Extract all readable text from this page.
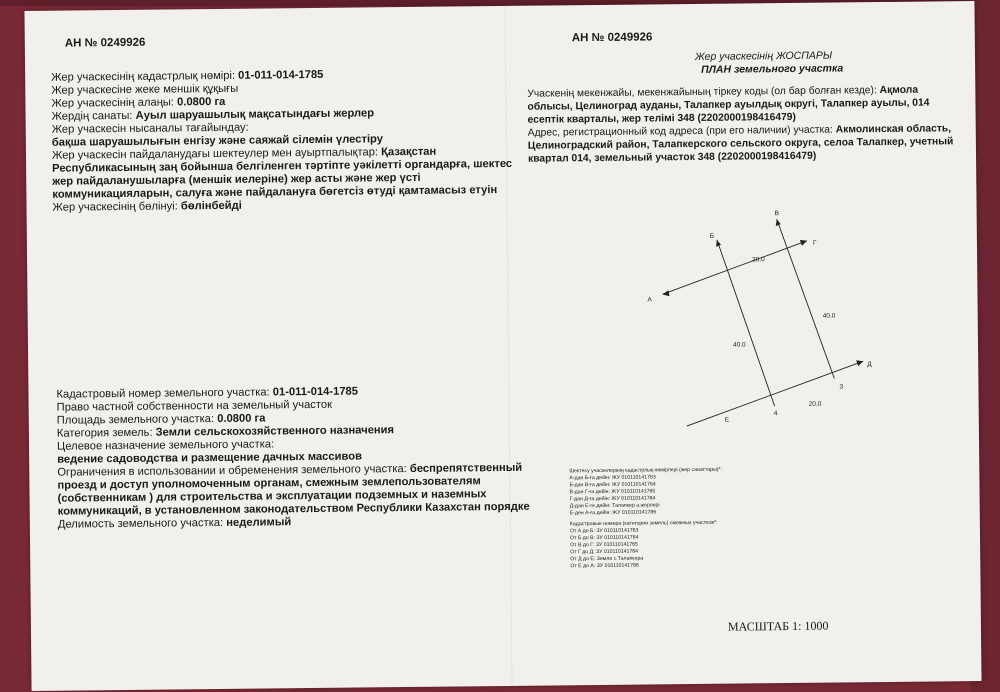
АН № 0249926
Жер учаскесінің кадастрлық нөмірі: 01-011-014-1785
Жер учаскесіне жеке меншік құқығы
Жер учаскесінің алаңы: 0.0800 га
Жердің санаты: Ауыл шаруашылық мақсатындағы жерлер
Жер учаскесін нысаналы тағайындау:
бақша шаруашылығын енгізу және саяжай сілемін үлестіру
Жер учаскесін пайдаланудағы шектеулер мен ауыртпалықтар: Қазақстан
Республикасының заң бойынша белгіленген тәртіпте уәкілетті органдарға, шектес
жер пайдаланушыларға (меншік иелеріне) жер асты және жер үсті
коммуникацияларын, салуға және пайдалануға бөгетсіз өтуді қамтамасыз етуін
Жер учаскесінің бөлінуі: бөлінбейді
Кадастровый номер земельного участка: 01-011-014-1785
Право частной собственности на земельный участок
Площадь земельного участка: 0.0800 га
Категория земель: Земли сельскохозяйственного назначения
Целевое назначение земельного участка:
ведение садоводства и размещение дачных массивов
Ограничения в использовании и обременения земельного участка: беспрепятственный
проезд и доступ уполномоченным органам, смежным землепользователям
(собственникам ) для строительства и эксплуатации подземных и наземных
коммуникаций, в установленном законодательством Республики Казахстан порядке
Делимость земельного участка: неделимый
АН № 0249926
Жер учаскесінің ЖОСПАРЫ
ПЛАН земельного участка
Учаскенің мекенжайы, мекенжайының тіркеу коды (ол бар болған кезде): Ақмола
облысы, Целиноград ауданы, Талапкер ауылдық округі, Талапкер ауылы, 014
есептік кварталы, жер телімі 348 (2202000198416479)
Адрес, регистрационный код адреса (при его наличии) участка: Акмолинская область,
Целиноградский район, Талапкерского сельского округа, селоа Талапкер, учетный
квартал 014, земельный участок 348 (2202000198416479)
А
Б
В
Г
Д
Е
20.0
40.0
40.0
20.0
3
4
Шектесу учаскелерінің кадастрлық нөмірлері (жер санаттары)*:
А-дан Б-ға дейін: ЖУ 010110141763
Б-дан В-ға дейін: ЖУ 010110141764
В-дан Г-ға дейін: ЖУ 010110141765
Г-дан Д-ға дейін: ЖУ 010110141784
Д-дан Е-ге дейін: Талапкер а.жерлері
Е-ден А-ға дейін: ЖУ 010110141786
Кадастровые номера (категории земель) смежных участков*:
От А до Б: ЗУ 010110141763
От Б до В: ЗУ 010110141764
От В до Г: ЗУ 010110141765
От Г до Д: ЗУ 010110141784
От Д до Е: Земли с.Талапкера
От Е до А: ЗУ 010110141786
МАСШТАБ 1: 1000
